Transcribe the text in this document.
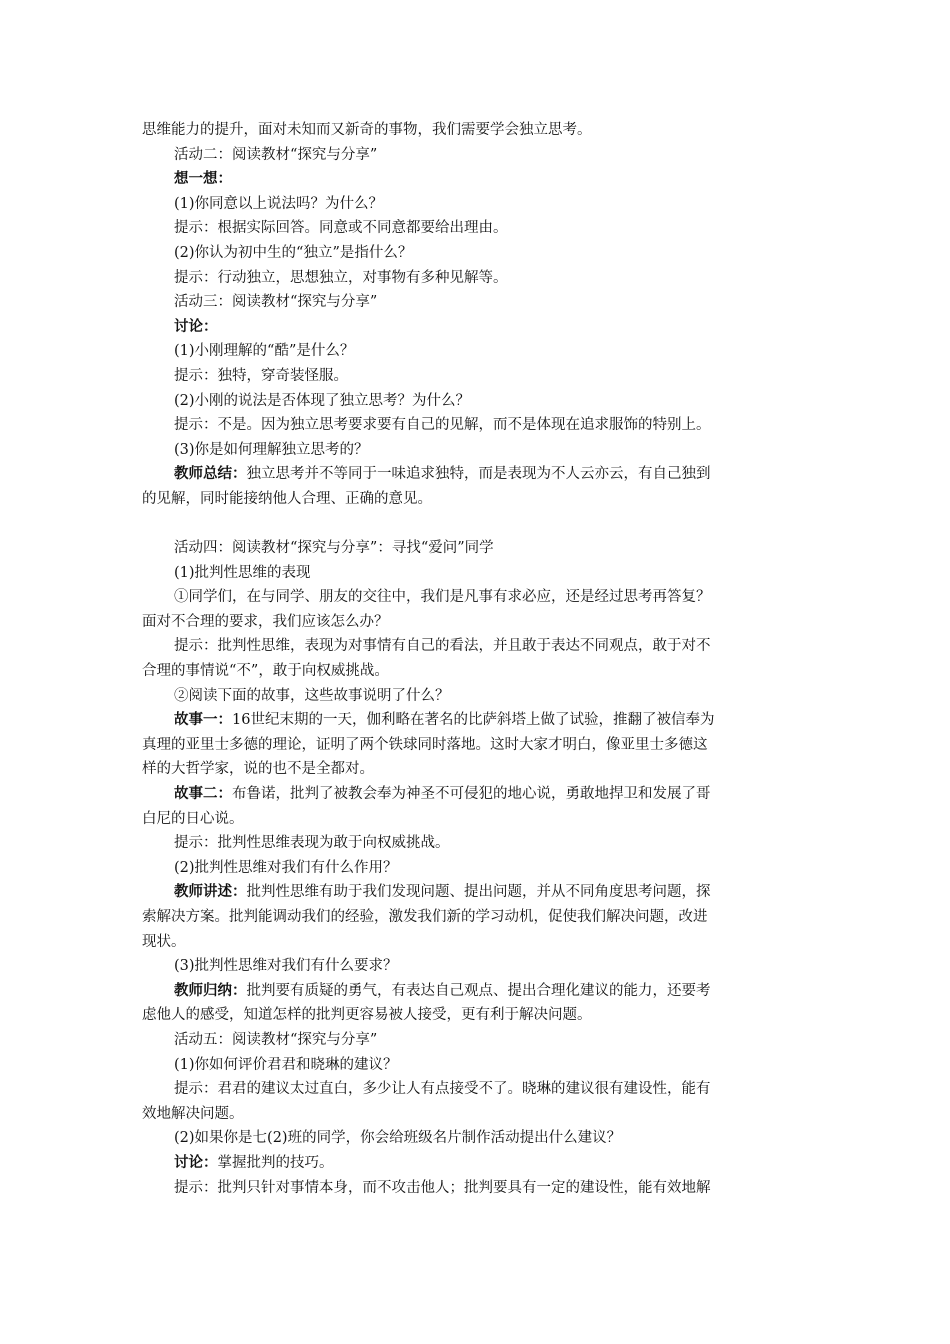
思维能力的提升，面对未知而又新奇的事物，我们需要学会独立思考。
活动二：阅读教材“探究与分享”
想一想：
(1)你同意以上说法吗？为什么？
提示：根据实际回答。同意或不同意都要给出理由。
(2)你认为初中生的“独立”是指什么？
提示：行动独立，思想独立，对事物有多种见解等。
活动三：阅读教材“探究与分享”
讨论：
(1)小刚理解的“酷”是什么？
提示：独特，穿奇装怪服。
(2)小刚的说法是否体现了独立思考？为什么？
提示：不是。因为独立思考要求要有自己的见解，而不是体现在追求服饰的特别上。
(3)你是如何理解独立思考的？
教师总结：独立思考并不等同于一味追求独特，而是表现为不人云亦云，有自己独到
的见解，同时能接纳他人合理、正确的意见。
活动四：阅读教材“探究与分享”：寻找“爱问”同学
(1)批判性思维的表现
①同学们，在与同学、朋友的交往中，我们是凡事有求必应，还是经过思考再答复？
面对不合理的要求，我们应该怎么办？
提示：批判性思维，表现为对事情有自己的看法，并且敢于表达不同观点，敢于对不
合理的事情说“不”，敢于向权威挑战。
②阅读下面的故事，这些故事说明了什么？
故事一：16世纪末期的一天，伽利略在著名的比萨斜塔上做了试验，推翻了被信奉为
真理的亚里士多德的理论，证明了两个铁球同时落地。这时大家才明白，像亚里士多德这
样的大哲学家，说的也不是全都对。
故事二：布鲁诺，批判了被教会奉为神圣不可侵犯的地心说，勇敢地捍卫和发展了哥
白尼的日心说。
提示：批判性思维表现为敢于向权威挑战。
(2)批判性思维对我们有什么作用？
教师讲述：批判性思维有助于我们发现问题、提出问题，并从不同角度思考问题，探
索解决方案。批判能调动我们的经验，激发我们新的学习动机，促使我们解决问题，改进
现状。
(3)批判性思维对我们有什么要求？
教师归纳：批判要有质疑的勇气，有表达自己观点、提出合理化建议的能力，还要考
虑他人的感受，知道怎样的批判更容易被人接受，更有利于解决问题。
活动五：阅读教材“探究与分享”
(1)你如何评价君君和晓琳的建议？
提示：君君的建议太过直白，多少让人有点接受不了。晓琳的建议很有建设性，能有
效地解决问题。
(2)如果你是七(2)班的同学，你会给班级名片制作活动提出什么建议？
讨论：掌握批判的技巧。
提示：批判只针对事情本身，而不攻击他人；批判要具有一定的建设性，能有效地解
